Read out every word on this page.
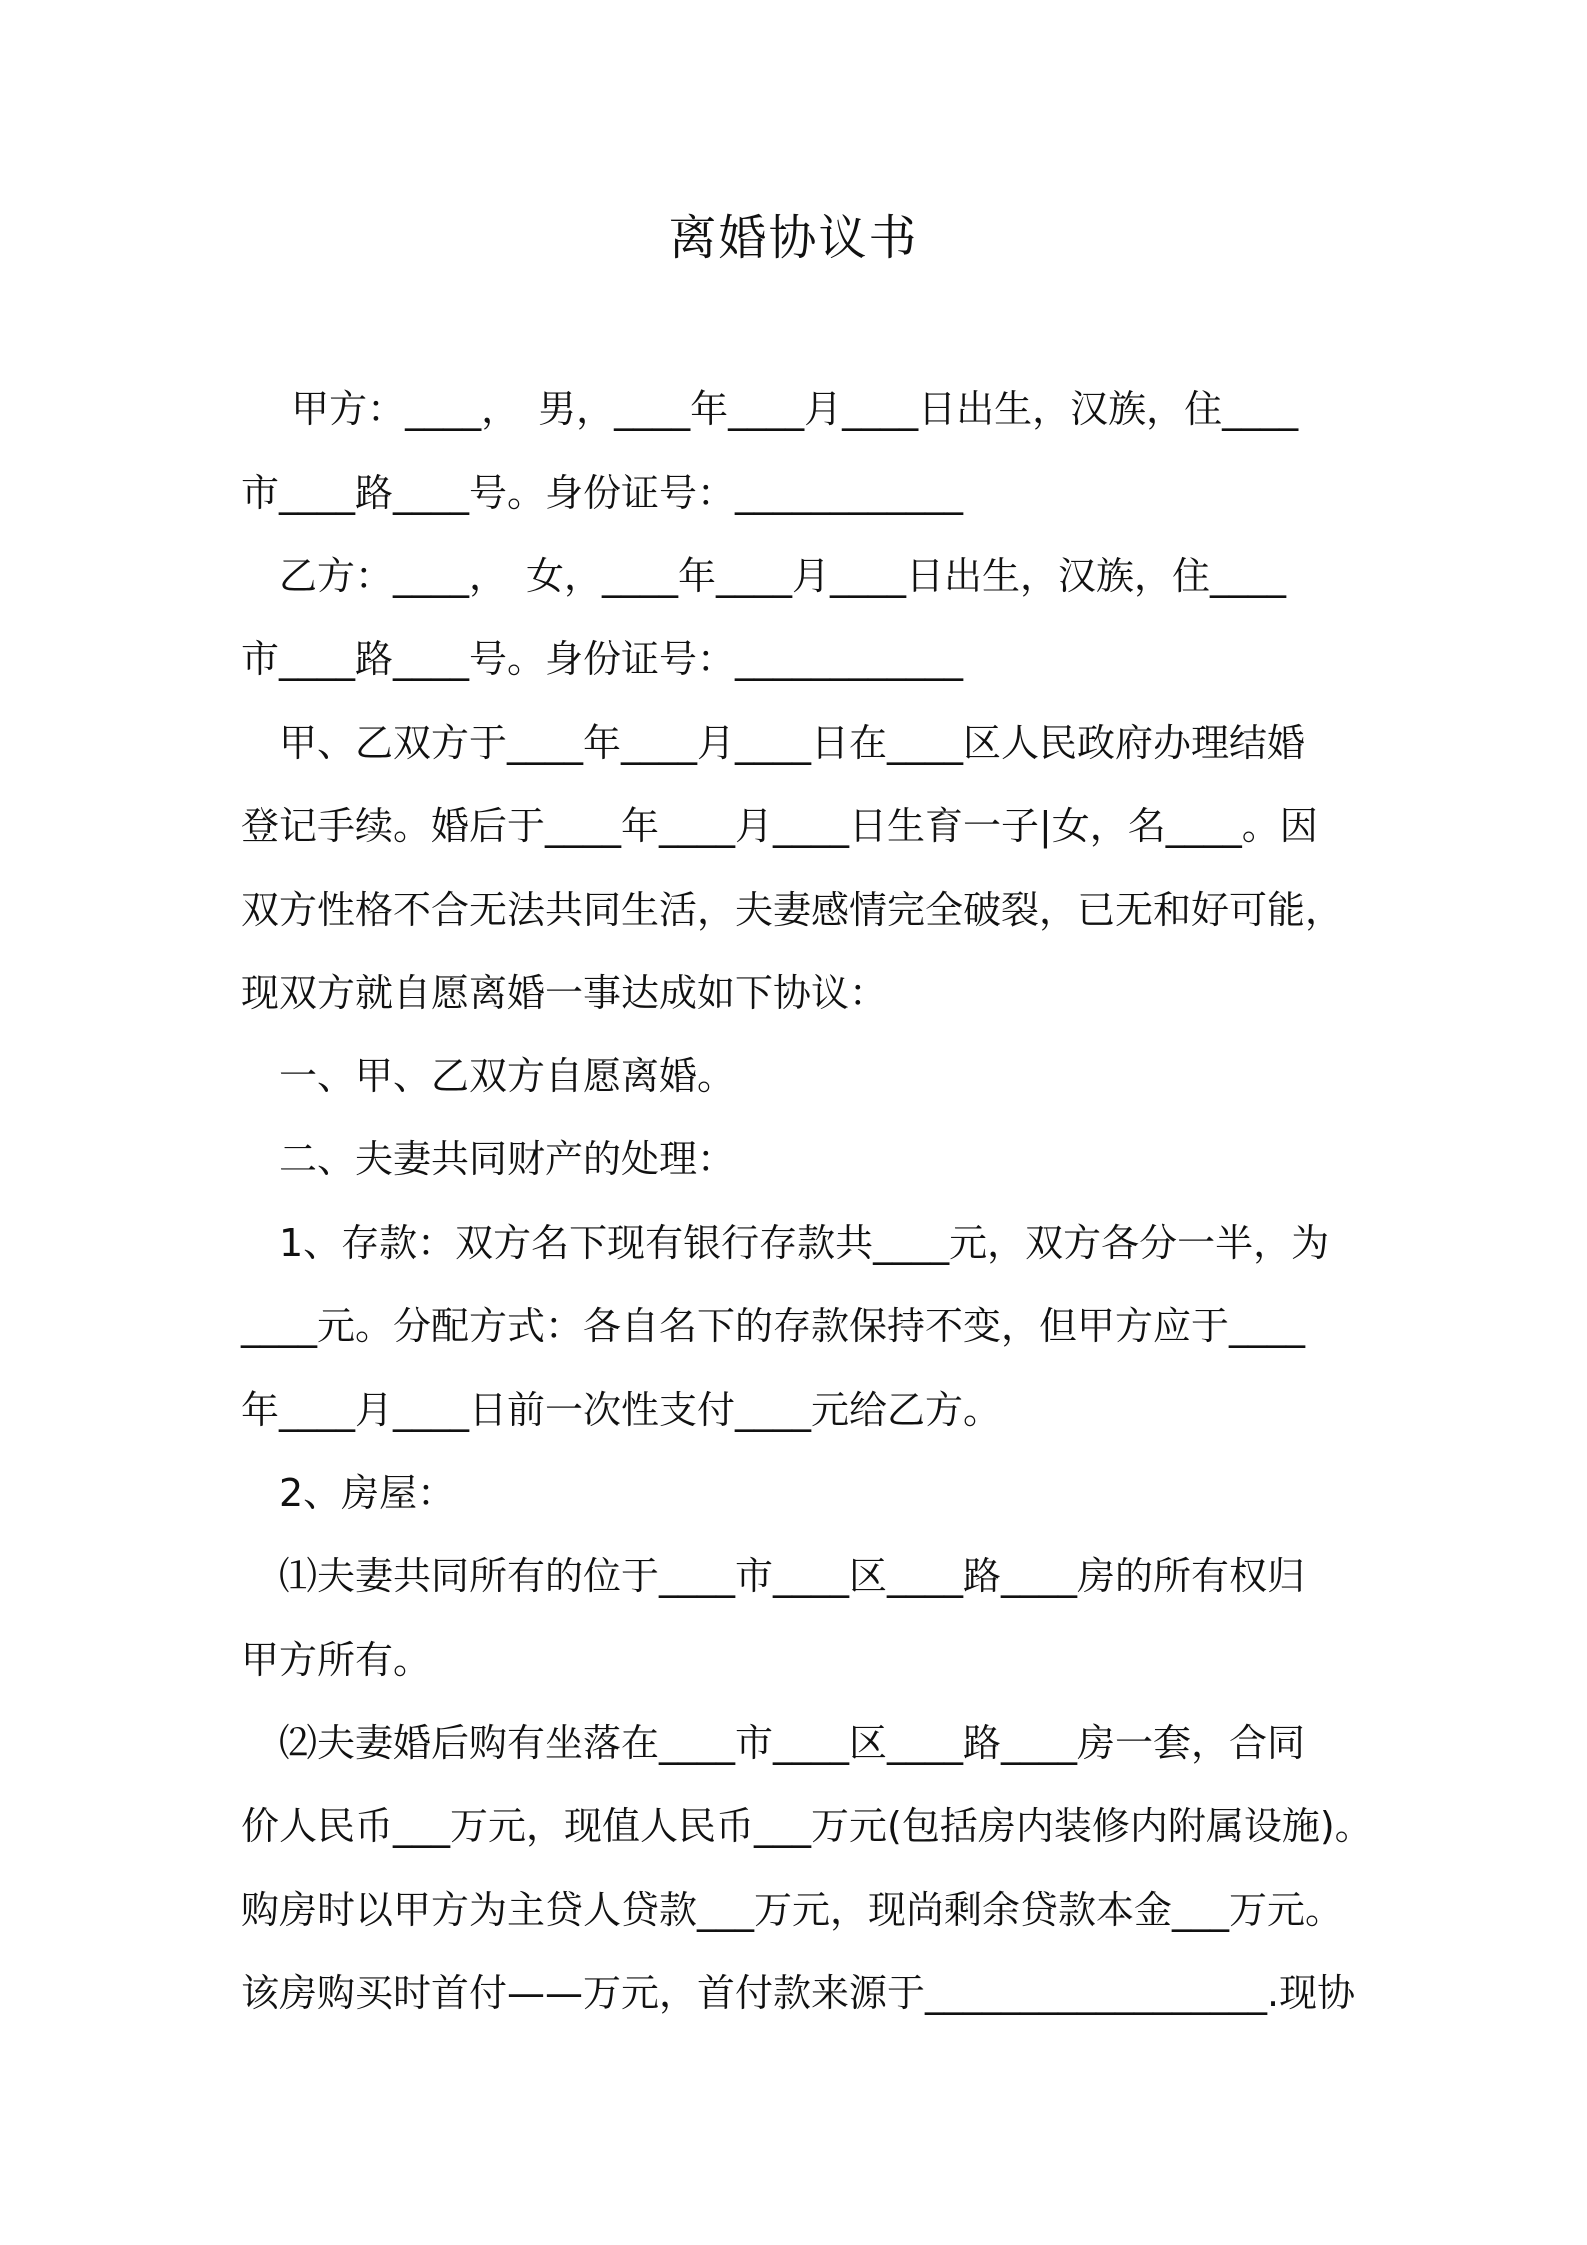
离婚协议书
　 甲方：____，　男，____年____月____日出生，汉族，住____
市____路____号。身份证号：____________
　乙方：____，　女，____年____月____日出生，汉族，住____
市____路____号。身份证号：____________
　甲、乙双方于____年____月____日在____区人民政府办理结婚
登记手续。婚后于____年____月____日生育一子|女，名____。因
双方性格不合无法共同生活，夫妻感情完全破裂，已无和好可能，
现双方就自愿离婚一事达成如下协议：
　一、甲、乙双方自愿离婚。
　二、夫妻共同财产的处理：
　1、存款：双方名下现有银行存款共____元，双方各分一半，为
____元。分配方式：各自名下的存款保持不变，但甲方应于____
年____月____日前一次性支付____元给乙方。
　2、房屋：
　⑴夫妻共同所有的位于____市____区____路____房的所有权归
甲方所有。
　⑵夫妻婚后购有坐落在____市____区____路____房一套，合同
价人民币___万元，现值人民币___万元(包括房内装修内附属设施)。
购房时以甲方为主贷人贷款___万元，现尚剩余贷款本金___万元。
该房购买时首付——万元，首付款来源于__________________.现协
